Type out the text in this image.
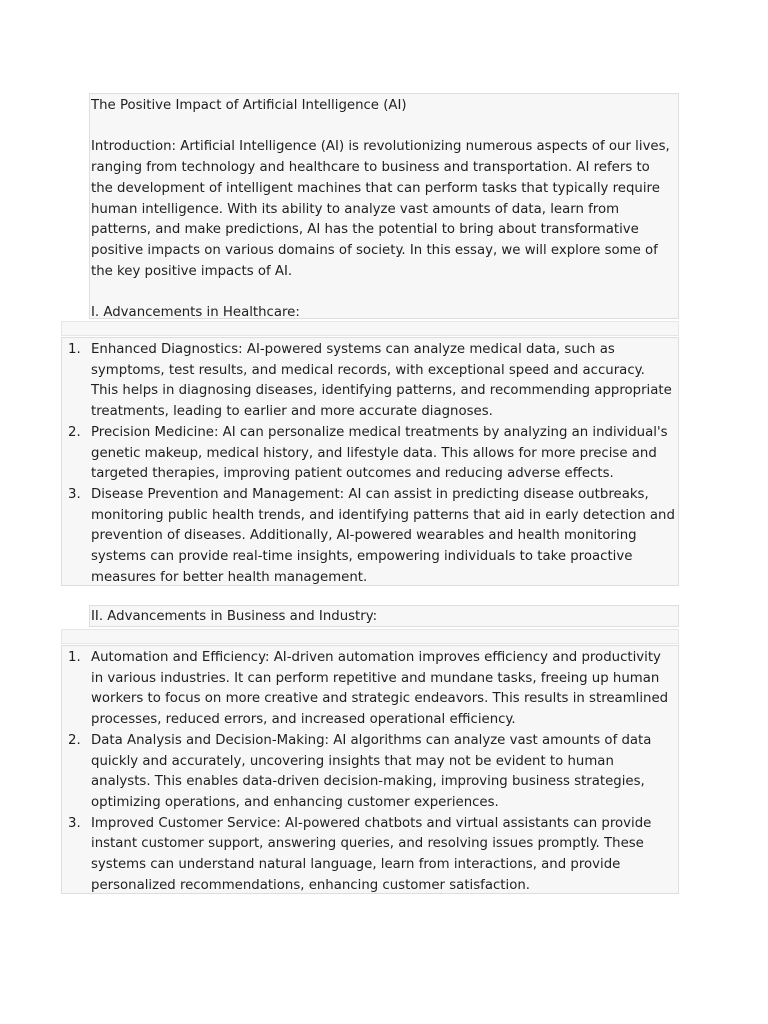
The Positive Impact of Artificial Intelligence (AI)

Introduction: Artificial Intelligence (AI) is revolutionizing numerous aspects of our lives, ranging from technology and healthcare to business and transportation. AI refers to the development of intelligent machines that can perform tasks that typically require human intelligence. With its ability to analyze vast amounts of data, learn from patterns, and make predictions, AI has the potential to bring about transformative positive impacts on various domains of society. In this essay, we will explore some of the key positive impacts of AI.

I. Advancements in Healthcare:

1. Enhanced Diagnostics: AI-powered systems can analyze medical data, such as symptoms, test results, and medical records, with exceptional speed and accuracy. This helps in diagnosing diseases, identifying patterns, and recommending appropriate treatments, leading to earlier and more accurate diagnoses.
2. Precision Medicine: AI can personalize medical treatments by analyzing an individual's genetic makeup, medical history, and lifestyle data. This allows for more precise and targeted therapies, improving patient outcomes and reducing adverse effects.
3. Disease Prevention and Management: AI can assist in predicting disease outbreaks, monitoring public health trends, and identifying patterns that aid in early detection and prevention of diseases. Additionally, AI-powered wearables and health monitoring systems can provide real-time insights, empowering individuals to take proactive measures for better health management.

II. Advancements in Business and Industry:

1. Automation and Efficiency: AI-driven automation improves efficiency and productivity in various industries. It can perform repetitive and mundane tasks, freeing up human workers to focus on more creative and strategic endeavors. This results in streamlined processes, reduced errors, and increased operational efficiency.
2. Data Analysis and Decision-Making: AI algorithms can analyze vast amounts of data quickly and accurately, uncovering insights that may not be evident to human analysts. This enables data-driven decision-making, improving business strategies, optimizing operations, and enhancing customer experiences.
3. Improved Customer Service: AI-powered chatbots and virtual assistants can provide instant customer support, answering queries, and resolving issues promptly. These systems can understand natural language, learn from interactions, and provide personalized recommendations, enhancing customer satisfaction.
